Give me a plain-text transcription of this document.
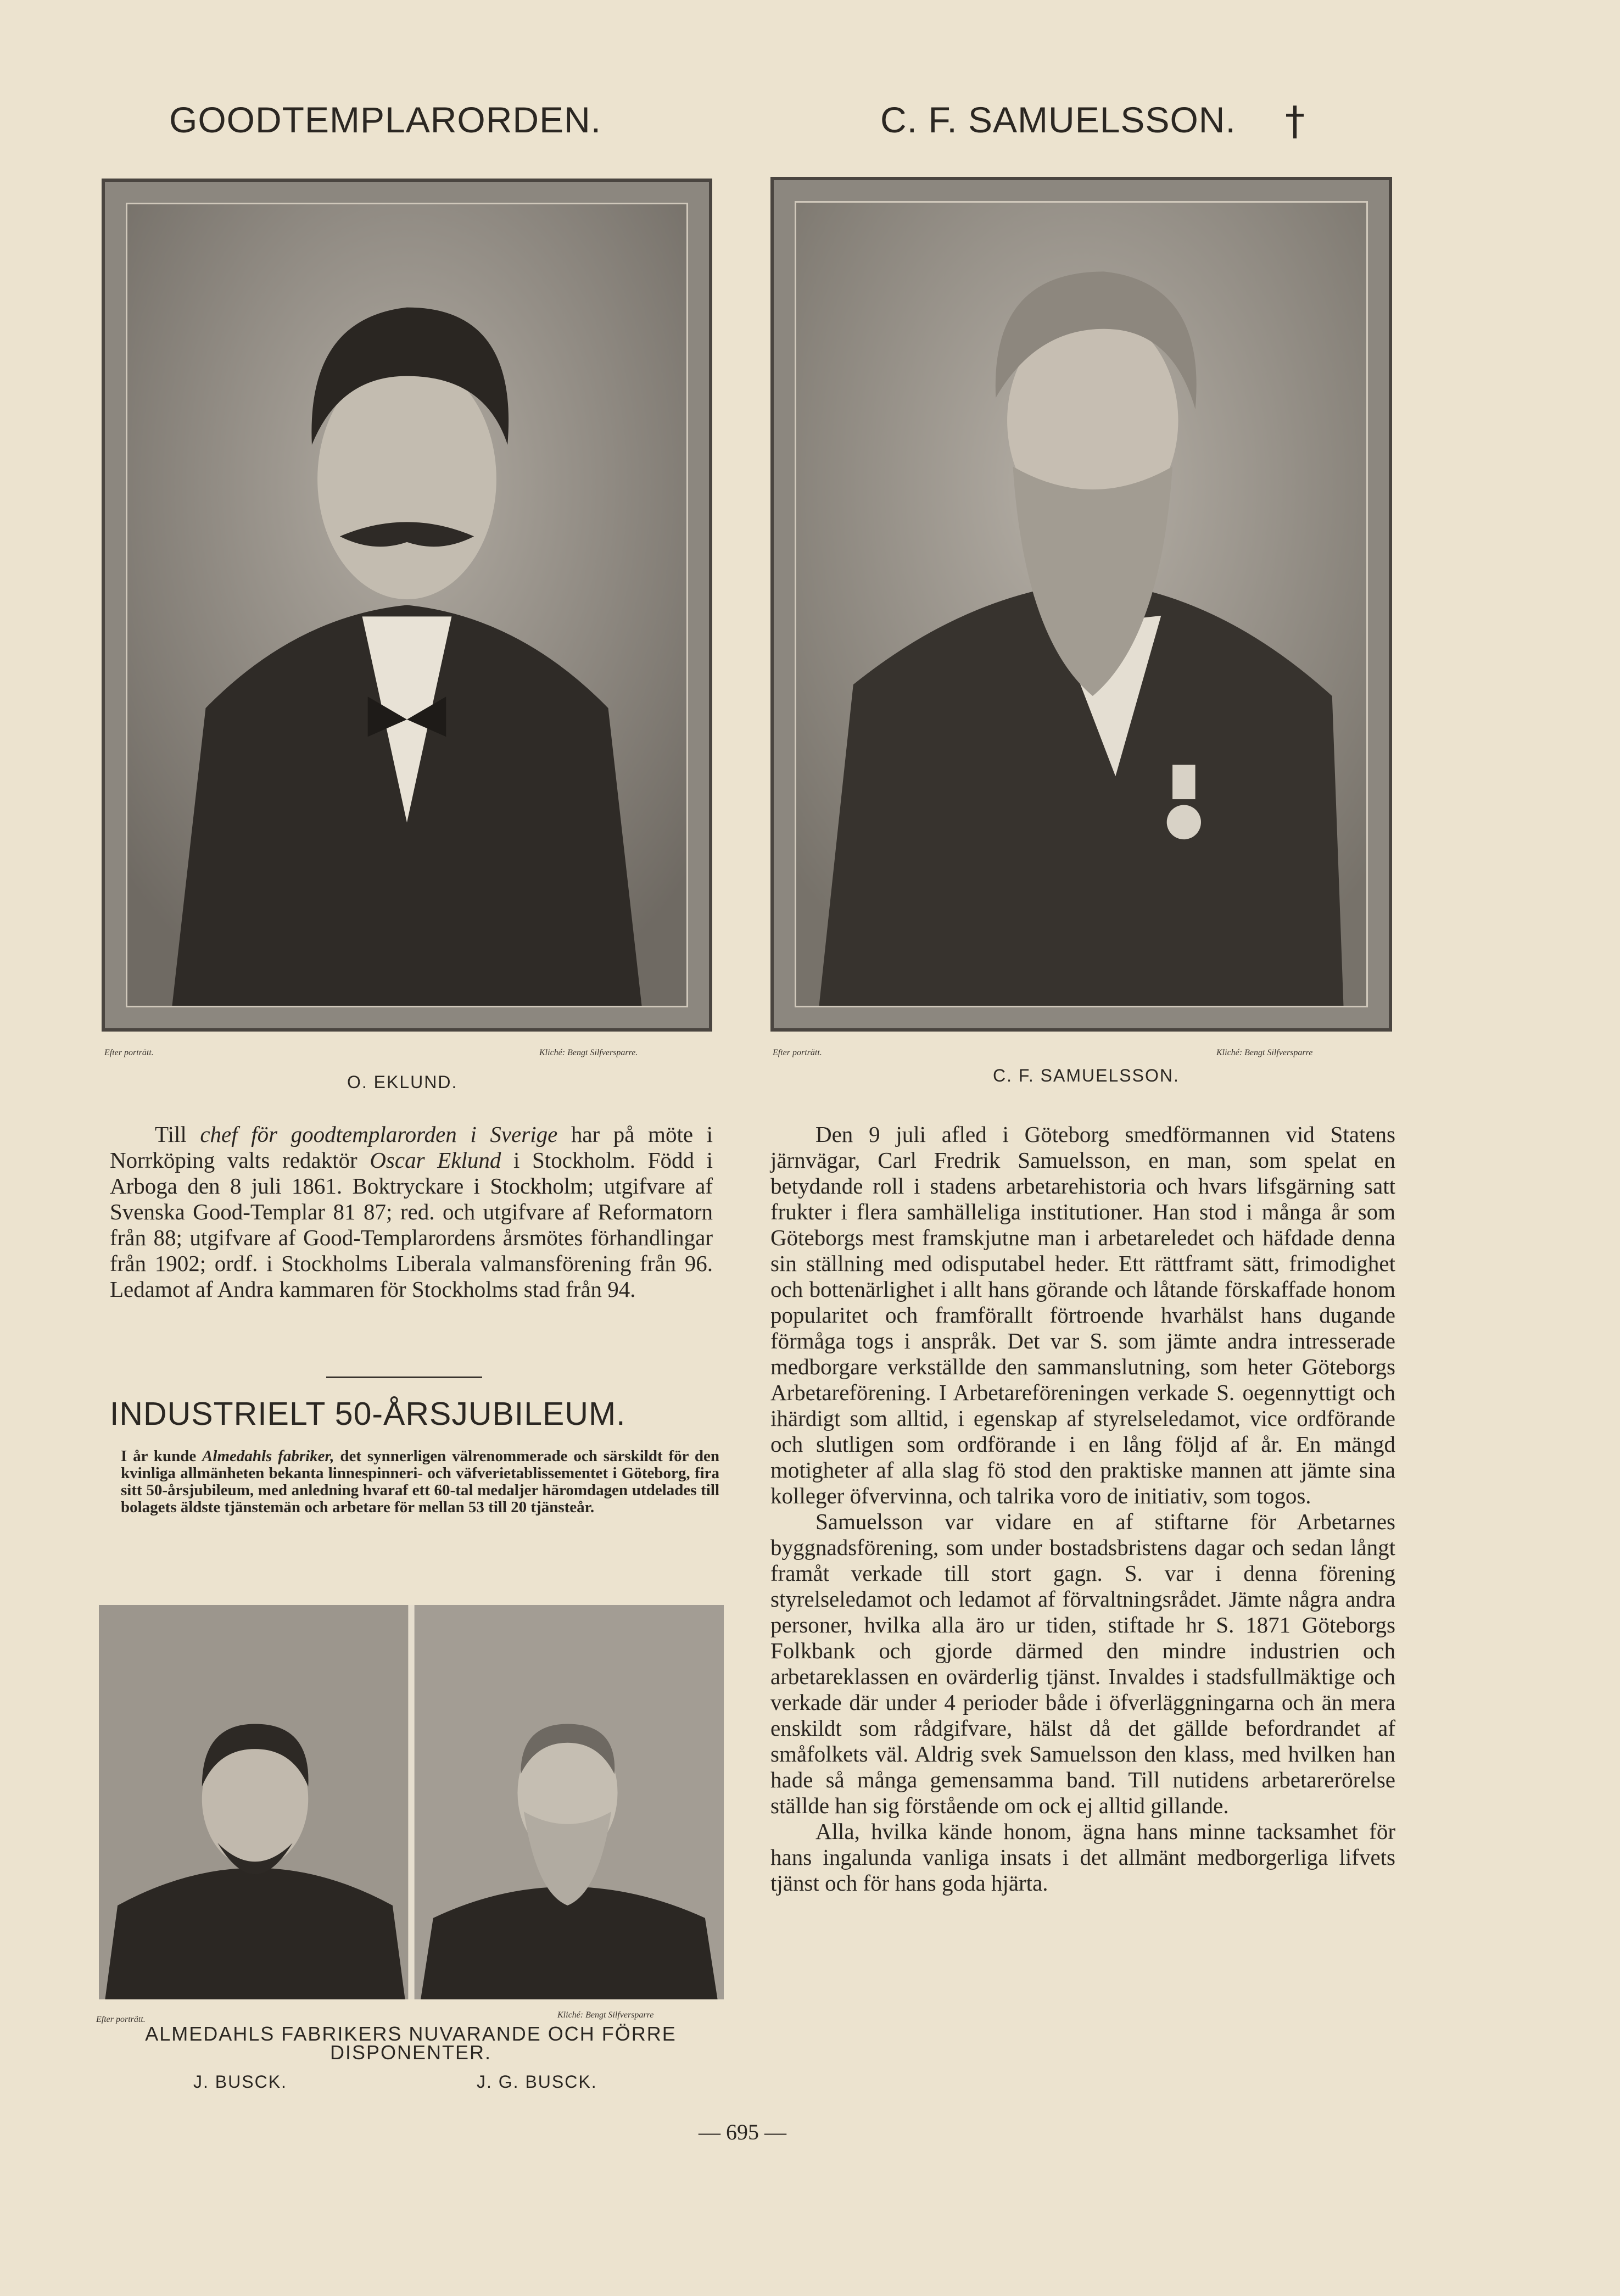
GOODTEMPLARORDEN.	C. F. SAMUELSSON. †
Efter porträtt.	Kliché: Bengt Silfversparre.
O. EKLUND.
Efter porträtt.	Kliché: Bengt Silfversparre
C. F. SAMUELSSON.

Till chef för goodtemplarorden i Sverige har på möte i Norrköping valts redaktör Oscar Eklund i Stockholm. Född i Arboga den 8 juli 1861. Boktryckare i Stockholm; utgifvare af Svenska Good-Templar 81 87; red. och utgifvare af Reformatorn från 88; utgifvare af Good-Templarordens årsmötes förhandlingar från 1902; ordf. i Stockholms Liberala valmansförening från 96. Ledamot af Andra kammaren för Stockholms stad från 94.

INDUSTRIELT 50-ÅRSJUBILEUM.
I år kunde Almedahls fabriker, det synnerligen välrenommerade och särskildt för den kvinliga allmänheten bekanta linnespinneri- och väfverietablissementet i Göteborg, fira sitt 50-årsjubileum, med anledning hvaraf ett 60-tal medaljer häromdagen utdelades till bolagets äldste tjänstemän och arbetare för mellan 53 till 20 tjänsteår.
Efter porträtt.	Kliché: Bengt Silfversparre
ALMEDAHLS FABRIKERS NUVARANDE OCH FÖRRE DISPONENTER.
J. BUSCK.	J. G. BUSCK.

Den 9 juli afled i Göteborg smedförmannen vid Statens järnvägar, Carl Fredrik Samuelsson, en man, som spelat en betydande roll i stadens arbetarehistoria och hvars lifsgärning satt frukter i flera samhälleliga institutioner. Han stod i många år som Göteborgs mest framskjutne man i arbetareledet och häfdade denna sin ställning med odisputabel heder. Ett rättframt sätt, frimodighet och bottenärlighet i allt hans görande och låtande förskaffade honom popularitet och framförallt förtroende hvarhälst hans dugande förmåga togs i anspråk. Det var S. som jämte andra intresserade medborgare verkställde den sammanslutning, som heter Göteborgs Arbetareförening. I Arbetareföreningen verkade S. oegennyttigt och ihärdigt som alltid, i egenskap af styrelseledamot, vice ordförande och slutligen som ordförande i en lång följd af år. En mängd motigheter af alla slag fö stod den praktiske mannen att jämte sina kolleger öfvervinna, och talrika voro de initiativ, som togos.

Samuelsson var vidare en af stiftarne för Arbetarnes byggnadsförening, som under bostadsbristens dagar och sedan långt framåt verkade till stort gagn. S. var i denna förening styrelseledamot och ledamot af förvaltningsrådet. Jämte några andra personer, hvilka alla äro ur tiden, stiftade hr S. 1871 Göteborgs Folkbank och gjorde därmed den mindre industrien och arbetareklassen en ovärderlig tjänst. Invaldes i stadsfullmäktige och verkade där under 4 perioder både i öfverläggningarna och än mera enskildt som rådgifvare, hälst då det gällde befordrandet af småfolkets väl. Aldrig svek Samuelsson den klass, med hvilken han hade så många gemensamma band. Till nutidens arbetarerörelse ställde han sig förstående om ock ej alltid gillande.

Alla, hvilka kände honom, ägna hans minne tacksamhet för hans ingalunda vanliga insats i det allmänt medborgerliga lifvets tjänst och för hans goda hjärta.

— 695 —
